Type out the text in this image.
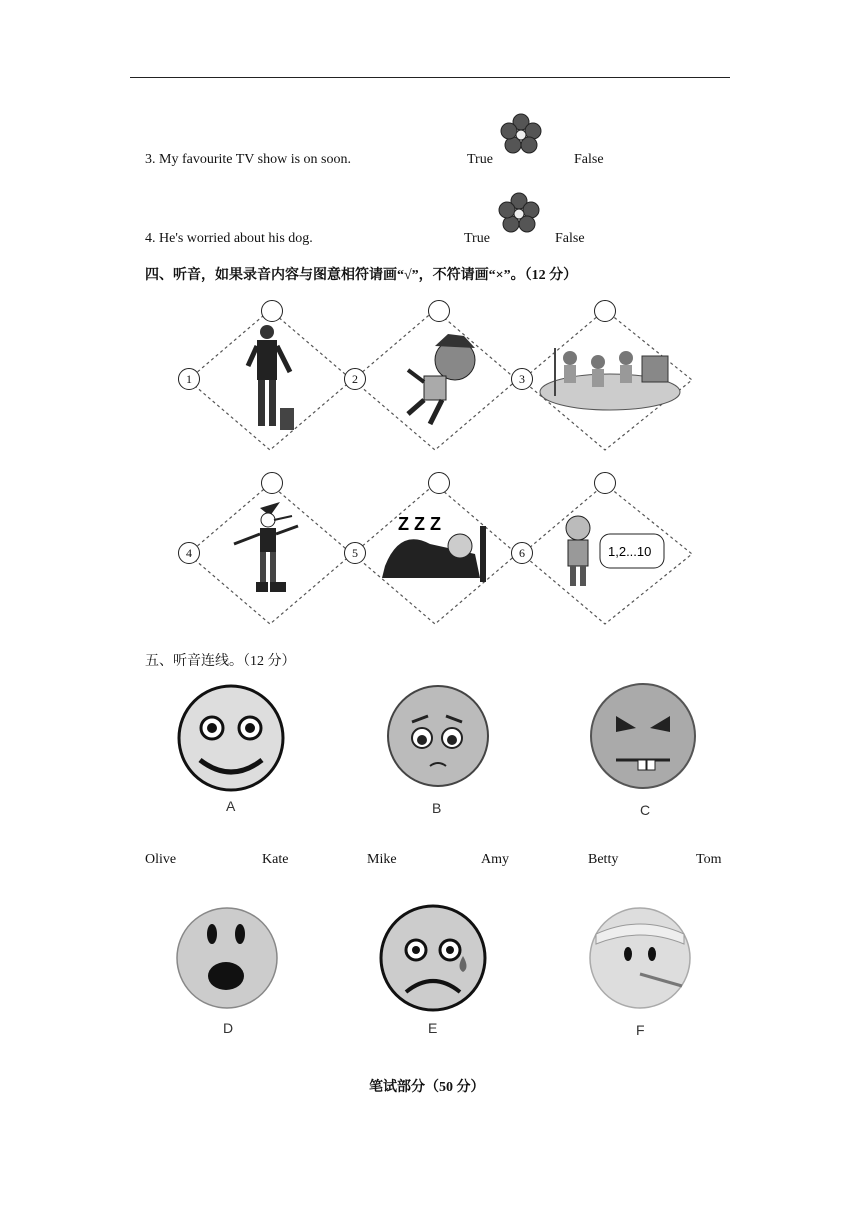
3. My favourite TV show is on soon.	True	False
4. He's worried about his dog.	True	False
四、听音，如果录音内容与图意相符请画“√”，不符请画“×”。（12 分）
Z Z Z
1,2...10
1	2	3
4	5	6
五、听音连线。（12 分）
A	B	C
Olive	Kate	Mike	Amy	Betty	Tom
D	E	F
笔试部分（50 分）
